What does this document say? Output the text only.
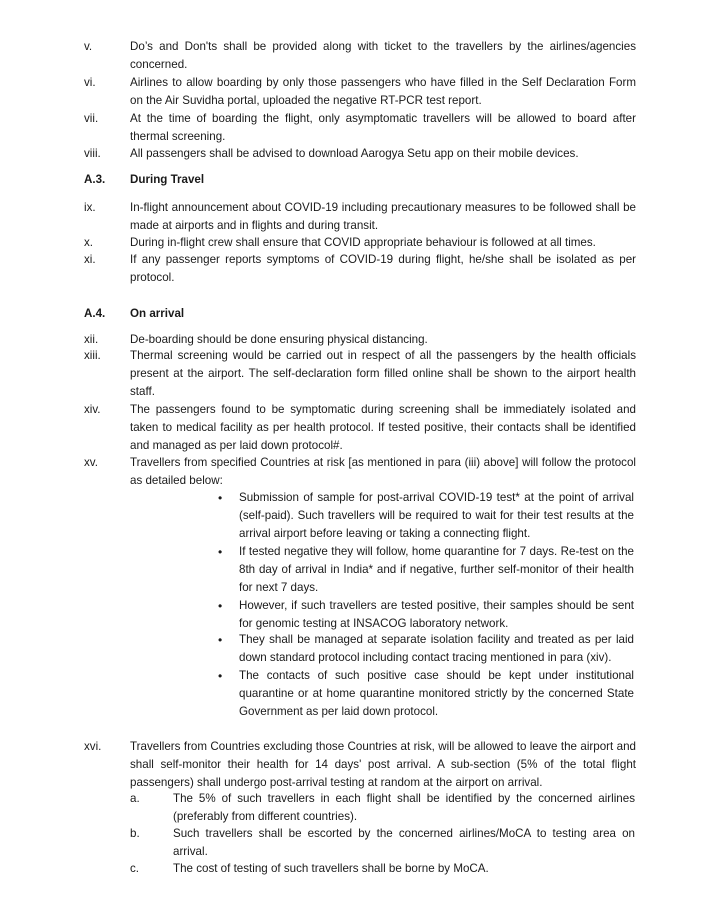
v.	Do’s and Don'ts shall be provided along with ticket to the travellers by the airlines/agencies concerned.
vi.	Airlines to allow boarding by only those passengers who have filled in the Self Declaration Form on the Air Suvidha portal, uploaded the negative RT-PCR test report.
vii.	At the time of boarding the flight, only asymptomatic travellers will be allowed to board after thermal screening.
viii.	All passengers shall be advised to download Aarogya Setu app on their mobile devices.
A.3.	During Travel
ix.	In-flight announcement about COVID-19 including precautionary measures to be followed shall be made at airports and in flights and during transit.
x.	During in-flight crew shall ensure that COVID appropriate behaviour is followed at all times.
xi.	If any passenger reports symptoms of COVID-19 during flight, he/she shall be isolated as per protocol.
A.4.	On arrival
xii.	De-boarding should be done ensuring physical distancing.
xiii.	Thermal screening would be carried out in respect of all the passengers by the health officials present at the airport. The self-declaration form filled online shall be shown to the airport health staff.
xiv.	The passengers found to be symptomatic during screening shall be immediately isolated and taken to medical facility as per health protocol. If tested positive, their contacts shall be identified and managed as per laid down protocol#.
xv.	Travellers from specified Countries at risk [as mentioned in para (iii) above] will follow the protocol as detailed below:
• Submission of sample for post-arrival COVID-19 test* at the point of arrival (self-paid). Such travellers will be required to wait for their test results at the arrival airport before leaving or taking a connecting flight.
• If tested negative they will follow, home quarantine for 7 days. Re-test on the 8th day of arrival in India* and if negative, further self-monitor of their health for next 7 days.
• However, if such travellers are tested positive, their samples should be sent for genomic testing at INSACOG laboratory network.
• They shall be managed at separate isolation facility and treated as per laid down standard protocol including contact tracing mentioned in para (xiv).
• The contacts of such positive case should be kept under institutional quarantine or at home quarantine monitored strictly by the concerned State Government as per laid down protocol.
xvi.	Travellers from Countries excluding those Countries at risk, will be allowed to leave the airport and shall self-monitor their health for 14 days' post arrival. A sub-section (5% of the total flight passengers) shall undergo post-arrival testing at random at the airport on arrival.
a.	The 5% of such travellers in each flight shall be identified by the concerned airlines (preferably from different countries).
b.	Such travellers shall be escorted by the concerned airlines/MoCA to testing area on arrival.
c.	The cost of testing of such travellers shall be borne by MoCA.
